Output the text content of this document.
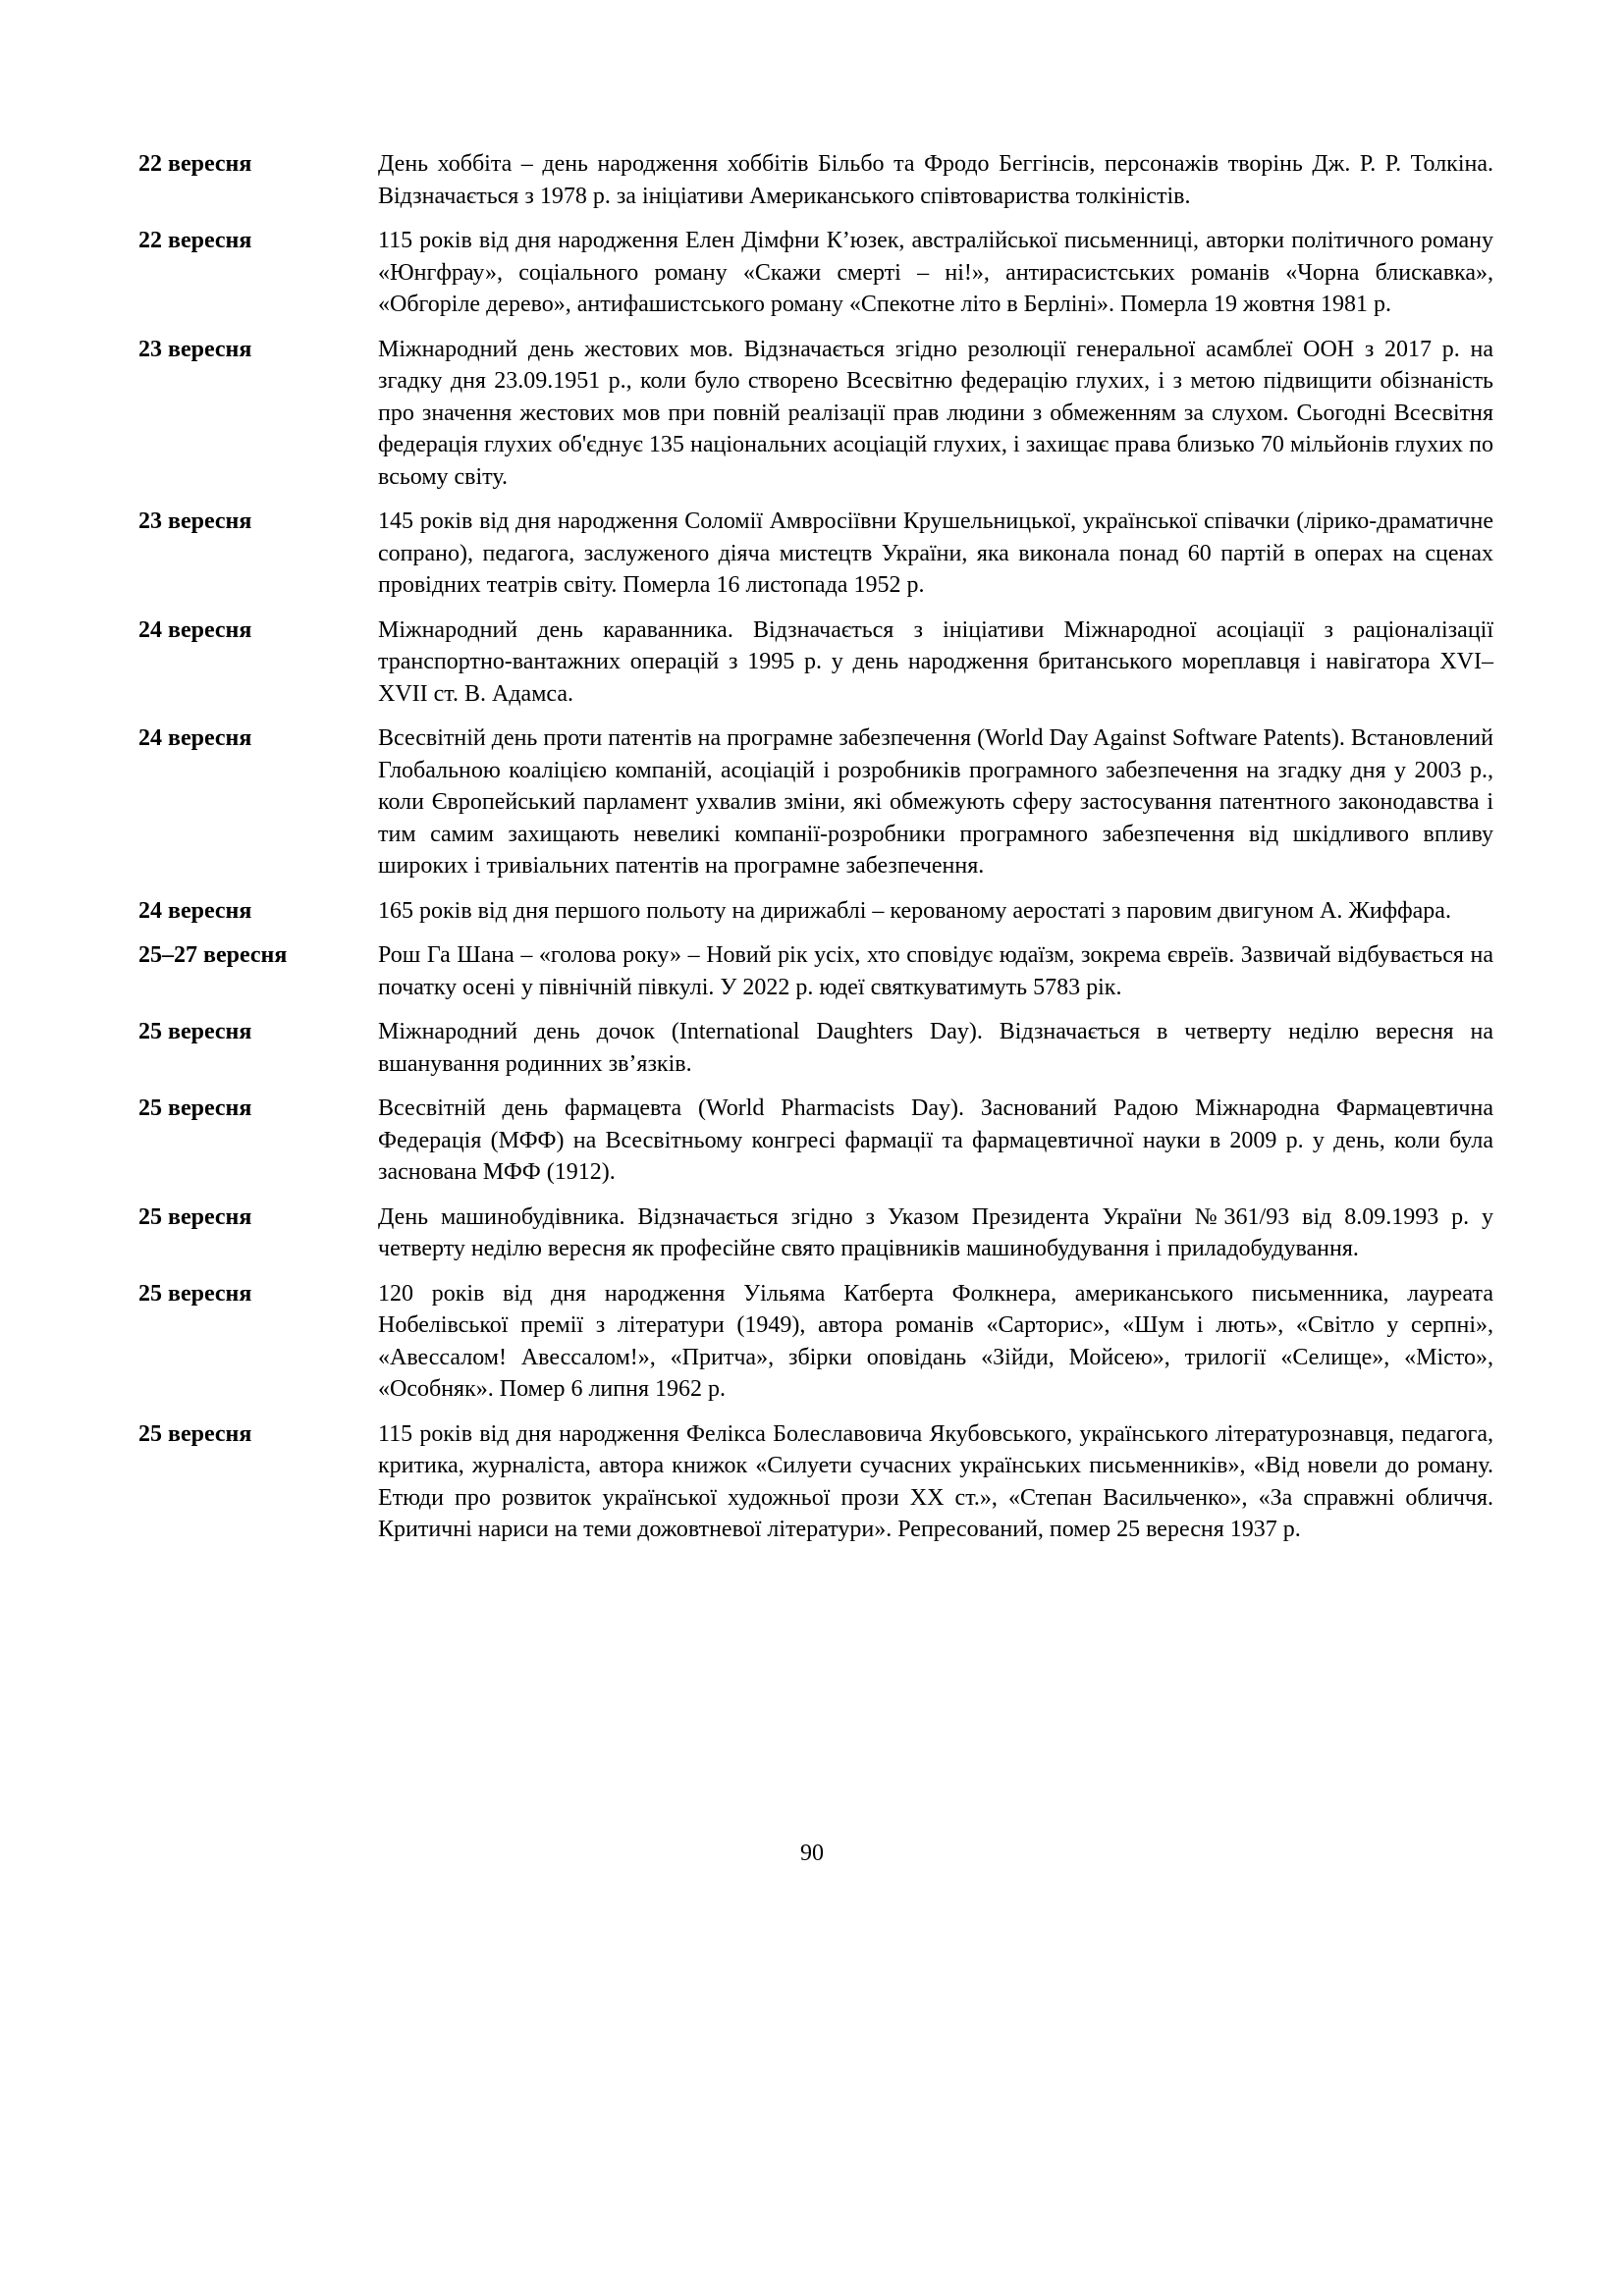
22 вересня	День хоббіта – день народження хоббітів Більбо та Фродо Беггінсів, персонажів творінь Дж. Р. Р. Толкіна. Відзначається з 1978 р. за ініціативи Американського співтовариства толкіністів.
22 вересня	115 років від дня народження Елен Дімфни К’юзек, австралійської письменниці, авторки політичного роману «Юнгфрау», соціального роману «Скажи смерті – ні!», антирасистських романів «Чорна блискавка», «Обгоріле дерево», антифашистського роману «Спекотне літо в Берліні». Померла 19 жовтня 1981 р.
23 вересня	Міжнародний день жестових мов. Відзначається згідно резолюції генеральної асамблеї ООН з 2017 р. на згадку дня 23.09.1951 р., коли було створено Всесвітню федерацію глухих, і з метою підвищити обізнаність про значення жестових мов при повній реалізації прав людини з обмеженням за слухом. Сьогодні Всесвітня федерація глухих об'єднує 135 національних асоціацій глухих, і захищає права близько 70 мільйонів глухих по всьому світу.
23 вересня	145 років від дня народження Соломії Амвросіївни Крушельницької, української співачки (лірико-драматичне сопрано), педагога, заслуженого діяча мистецтв України, яка виконала понад 60 партій в операх на сценах провідних театрів світу. Померла 16 листопада 1952 р.
24 вересня	Міжнародний день караванника. Відзначається з ініціативи Міжнародної асоціації з раціоналізації транспортно-вантажних операцій з 1995 р. у день народження британського мореплавця і навігатора XVI–XVII ст. В. Адамса.
24 вересня	Всесвітній день проти патентів на програмне забезпечення (World Day Against Software Patents). Встановлений Глобальною коаліцією компаній, асоціацій і розробників програмного забезпечення на згадку дня у 2003 р., коли Європейський парламент ухвалив зміни, які обмежують сферу застосування патентного законодавства і тим самим захищають невеликі компанії-розробники програмного забезпечення від шкідливого впливу широких і тривіальних патентів на програмне забезпечення.
24 вересня	165 років від дня першого польоту на дирижаблі – керованому аеростаті з паровим двигуном А. Жиффара.
25–27 вересня	Рош Га Шана – «голова року» – Новий рік усіх, хто сповідує юдаїзм, зокрема євреїв. Зазвичай відбувається на початку осені у північній півкулі. У 2022 р. юдеї святкуватимуть 5783 рік.
25 вересня	Міжнародний день дочок (International Daughters Day). Відзначається в четверту неділю вересня на вшанування родинних зв’язків.
25 вересня	Всесвітній день фармацевта (World Pharmacists Day). Заснований Радою Міжнародна Фармацевтична Федерація (МФФ) на Всесвітньому конгресі фармації та фармацевтичної науки в 2009 р. у день, коли була заснована МФФ (1912).
25 вересня	День машинобудівника. Відзначається згідно з Указом Президента України №361/93 від 8.09.1993 р. у четверту неділю вересня як професійне свято працівників машинобудування і приладобудування.
25 вересня	120 років від дня народження Уільяма Катберта Фолкнера, американського письменника, лауреата Нобелівської премії з літератури (1949), автора романів «Сарторис», «Шум і лють», «Світло у серпні», «Авессалом! Авессалом!», «Притча», збірки оповідань «Зійди, Мойсею», трилогії «Селище», «Місто», «Особняк». Помер 6 липня 1962 р.
25 вересня	115 років від дня народження Фелікса Болеславовича Якубовського, українського літературознавця, педагога, критика, журналіста, автора книжок «Силуети сучасних українських письменників», «Від новели до роману. Етюди про розвиток української художньої прози ХХ ст.», «Степан Васильченко», «За справжні обличчя. Критичні нариси на теми дожовтневої літератури». Репресований, помер 25 вересня 1937 р.
90
